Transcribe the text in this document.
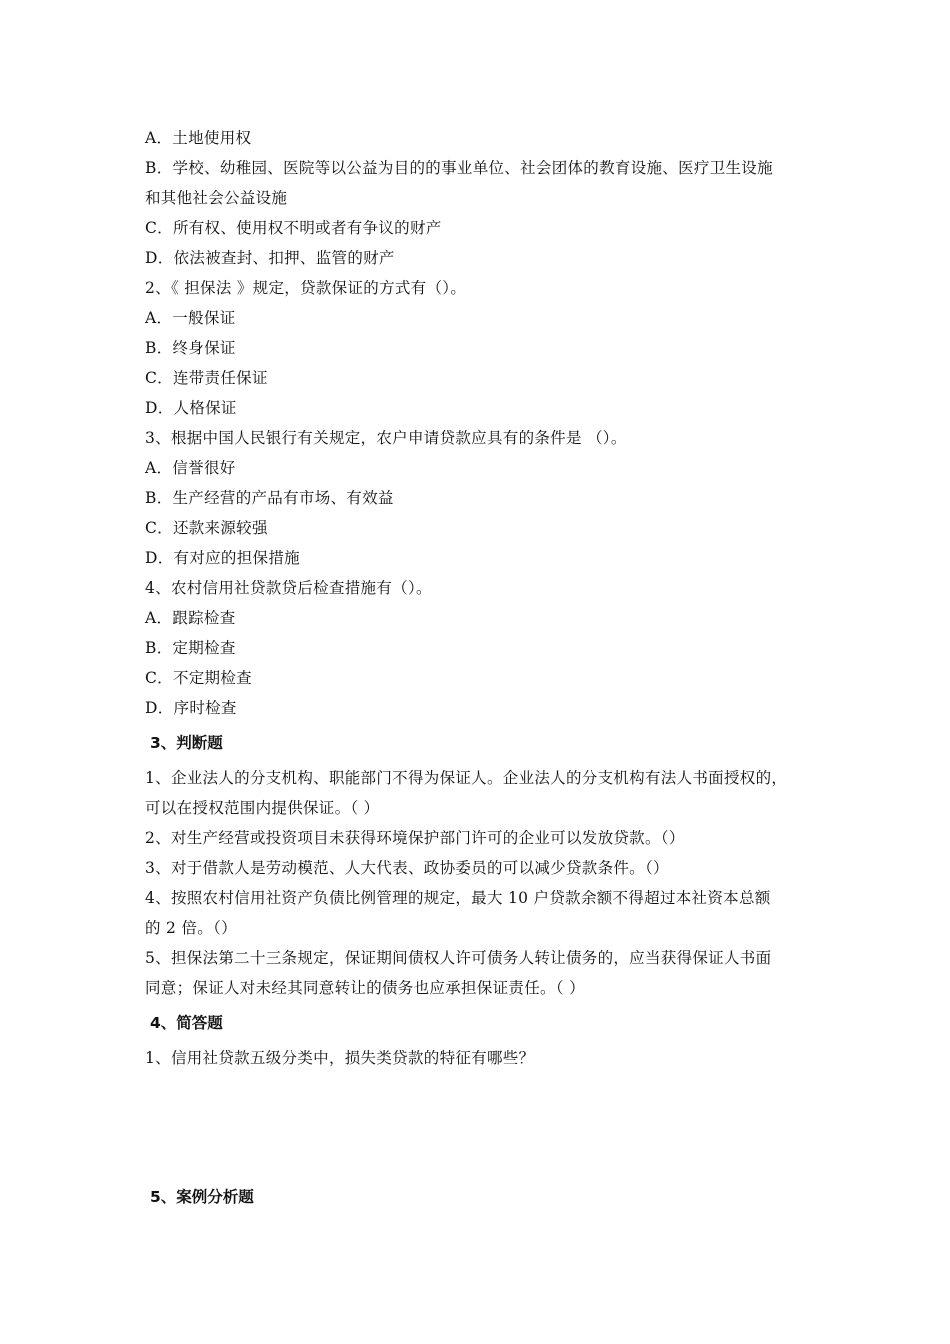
A．土地使用权
B．学校、幼稚园、医院等以公益为目的的事业单位、社会团体的教育设施、医疗卫生设施
和其他社会公益设施
C．所有权、使用权不明或者有争议的财产
D．依法被查封、扣押、监管的财产
2、《 担保法 》规定，贷款保证的方式有（）。
A．一般保证
B．终身保证
C．连带责任保证
D．人格保证
3、根据中国人民银行有关规定，农户申请贷款应具有的条件是 （）。
A．信誉很好
B．生产经营的产品有市场、有效益
C．还款来源较强
D．有对应的担保措施
4、农村信用社贷款贷后检查措施有（）。
A．跟踪检查
B．定期检查
C．不定期检查
D．序时检查
3、判断题
1、企业法人的分支机构、职能部门不得为保证人。企业法人的分支机构有法人书面授权的，
可以在授权范围内提供保证。（ ）
2、对生产经营或投资项目未获得环境保护部门许可的企业可以发放贷款。（）
3、对于借款人是劳动模范、人大代表、政协委员的可以减少贷款条件。（）
4、按照农村信用社资产负债比例管理的规定，最大 10 户贷款余额不得超过本社资本总额
的 2 倍。（）
5、担保法第二十三条规定，保证期间债权人许可债务人转让债务的，应当获得保证人书面
同意；保证人对未经其同意转让的债务也应承担保证责任。（ ）
4、简答题
1、信用社贷款五级分类中，损失类贷款的特征有哪些？
5、案例分析题
